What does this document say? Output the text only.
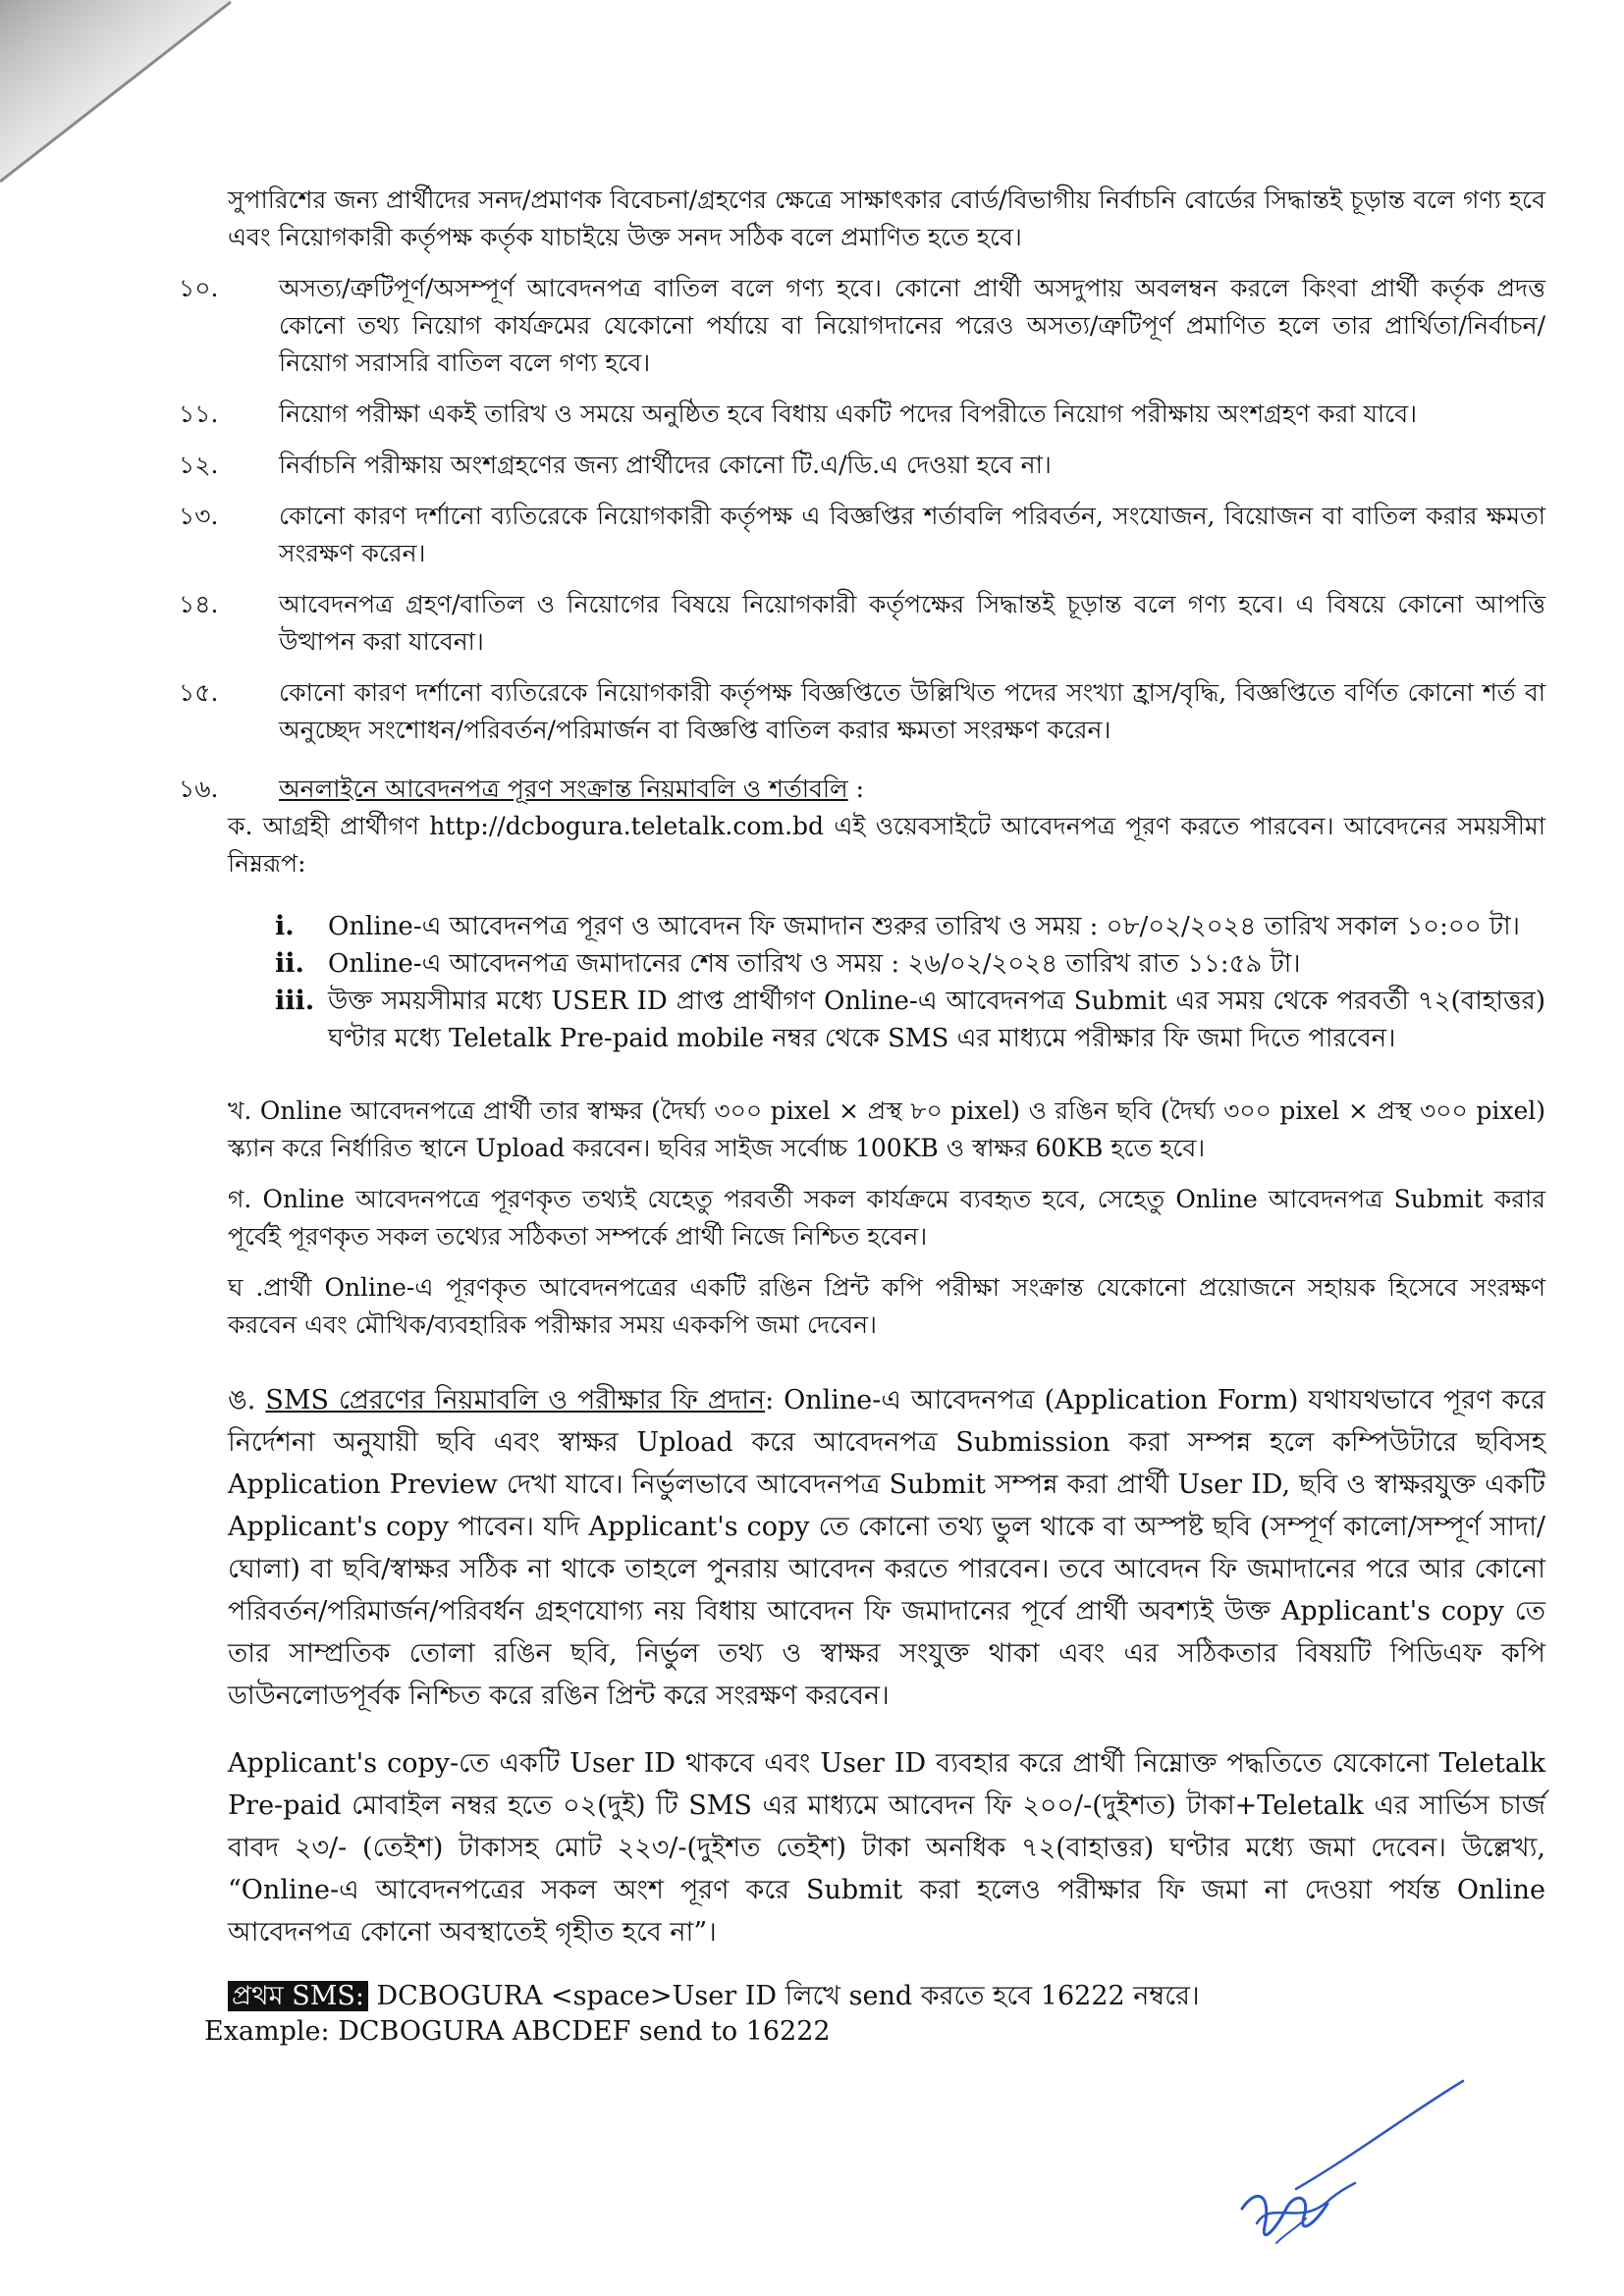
সুপারিশের জন্য প্রার্থীদের সনদ/প্রমাণক বিবেচনা/গ্রহণের ক্ষেত্রে সাক্ষাৎকার বোর্ড/বিভাগীয় নির্বাচনি বোর্ডের সিদ্ধান্তই চূড়ান্ত বলে গণ্য হবে এবং নিয়োগকারী কর্তৃপক্ষ কর্তৃক যাচাইয়ে উক্ত সনদ সঠিক বলে প্রমাণিত হতে হবে।

১০.	অসত্য/ত্রুটিপূর্ণ/অসম্পূর্ণ আবেদনপত্র বাতিল বলে গণ্য হবে। কোনো প্রার্থী অসদুপায় অবলম্বন করলে কিংবা প্রার্থী কর্তৃক প্রদত্ত কোনো তথ্য নিয়োগ কার্যক্রমের যেকোনো পর্যায়ে বা নিয়োগদানের পরেও অসত্য/ত্রুটিপূর্ণ প্রমাণিত হলে তার প্রার্থিতা/নির্বাচন/নিয়োগ সরাসরি বাতিল বলে গণ্য হবে।
১১.	নিয়োগ পরীক্ষা একই তারিখ ও সময়ে অনুষ্ঠিত হবে বিধায় একটি পদের বিপরীতে নিয়োগ পরীক্ষায় অংশগ্রহণ করা যাবে।
১২.	নির্বাচনি পরীক্ষায় অংশগ্রহণের জন্য প্রার্থীদের কোনো টি.এ/ডি.এ দেওয়া হবে না।
১৩.	কোনো কারণ দর্শানো ব্যতিরেকে নিয়োগকারী কর্তৃপক্ষ এ বিজ্ঞপ্তির শর্তাবলি পরিবর্তন, সংযোজন, বিয়োজন বা বাতিল করার ক্ষমতা সংরক্ষণ করেন।
১৪.	আবেদনপত্র গ্রহণ/বাতিল ও নিয়োগের বিষয়ে নিয়োগকারী কর্তৃপক্ষের সিদ্ধান্তই চূড়ান্ত বলে গণ্য হবে। এ বিষয়ে কোনো আপত্তি উত্থাপন করা যাবেনা।
১৫.	কোনো কারণ দর্শানো ব্যতিরেকে নিয়োগকারী কর্তৃপক্ষ বিজ্ঞপ্তিতে উল্লিখিত পদের সংখ্যা হ্রাস/বৃদ্ধি, বিজ্ঞপ্তিতে বর্ণিত কোনো শর্ত বা অনুচ্ছেদ সংশোধন/পরিবর্তন/পরিমার্জন বা বিজ্ঞপ্তি বাতিল করার ক্ষমতা সংরক্ষণ করেন।
১৬.	অনলাইনে আবেদনপত্র পূরণ সংক্রান্ত নিয়মাবলি ও শর্তাবলি :

ক. আগ্রহী প্রার্থীগণ http://dcbogura.teletalk.com.bd এই ওয়েবসাইটে আবেদনপত্র পূরণ করতে পারবেন। আবেদনের সময়সীমা নিম্নরূপ:

i.	Online-এ আবেদনপত্র পূরণ ও আবেদন ফি জমাদান শুরুর তারিখ ও সময় : ০৮/০২/২০২৪ তারিখ সকাল ১০:০০ টা।
ii. Online-এ আবেদনপত্র জমাদানের শেষ তারিখ ও সময় : ২৬/০২/২০২৪ তারিখ রাত ১১:৫৯ টা।
iii. উক্ত সময়সীমার মধ্যে USER ID প্রাপ্ত প্রার্থীগণ Online-এ আবেদনপত্র Submit এর সময় থেকে পরবর্তী ৭২(বাহাত্তর) ঘণ্টার মধ্যে Teletalk Pre-paid mobile নম্বর থেকে SMS এর মাধ্যমে পরীক্ষার ফি জমা দিতে পারবেন।

খ. Online আবেদনপত্রে প্রার্থী তার স্বাক্ষর (দৈর্ঘ্য ৩০০ pixel × প্রস্থ ৮০ pixel) ও রঙিন ছবি (দৈর্ঘ্য ৩০০ pixel × প্রস্থ ৩০০ pixel) স্ক্যান করে নির্ধারিত স্থানে Upload করবেন। ছবির সাইজ সর্বোচ্চ 100KB ও স্বাক্ষর 60KB হতে হবে।

গ. Online আবেদনপত্রে পূরণকৃত তথ্যই যেহেতু পরবর্তী সকল কার্যক্রমে ব্যবহৃত হবে, সেহেতু Online আবেদনপত্র Submit করার পূর্বেই পূরণকৃত সকল তথ্যের সঠিকতা সম্পর্কে প্রার্থী নিজে নিশ্চিত হবেন।

ঘ .প্রার্থী Online-এ পূরণকৃত আবেদনপত্রের একটি রঙিন প্রিন্ট কপি পরীক্ষা সংক্রান্ত যেকোনো প্রয়োজনে সহায়ক হিসেবে সংরক্ষণ করবেন এবং মৌখিক/ব্যবহারিক পরীক্ষার সময় এককপি জমা দেবেন।

ঙ. SMS প্রেরণের নিয়মাবলি ও পরীক্ষার ফি প্রদান: Online-এ আবেদনপত্র (Application Form) যথাযথভাবে পূরণ করে নির্দেশনা অনুযায়ী ছবি এবং স্বাক্ষর Upload করে আবেদনপত্র Submission করা সম্পন্ন হলে কম্পিউটারে ছবিসহ Application Preview দেখা যাবে। নির্ভুলভাবে আবেদনপত্র Submit সম্পন্ন করা প্রার্থী User ID, ছবি ও স্বাক্ষরযুক্ত একটি Applicant's copy পাবেন। যদি Applicant's copy তে কোনো তথ্য ভুল থাকে বা অস্পষ্ট ছবি (সম্পূর্ণ কালো/সম্পূর্ণ সাদা/ঘোলা) বা ছবি/স্বাক্ষর সঠিক না থাকে তাহলে পুনরায় আবেদন করতে পারবেন। তবে আবেদন ফি জমাদানের পরে আর কোনো পরিবর্তন/পরিমার্জন/পরিবর্ধন গ্রহণযোগ্য নয় বিধায় আবেদন ফি জমাদানের পূর্বে প্রার্থী অবশ্যই উক্ত Applicant's copy তে তার সাম্প্রতিক তোলা রঙিন ছবি, নির্ভুল তথ্য ও স্বাক্ষর সংযুক্ত থাকা এবং এর সঠিকতার বিষয়টি পিডিএফ কপি ডাউনলোডপূর্বক নিশ্চিত করে রঙিন প্রিন্ট করে সংরক্ষণ করবেন।

Applicant's copy-তে একটি User ID থাকবে এবং User ID ব্যবহার করে প্রার্থী নিম্নোক্ত পদ্ধতিতে যেকোনো Teletalk Pre-paid মোবাইল নম্বর হতে ০২(দুই) টি SMS এর মাধ্যমে আবেদন ফি ২০০/-(দুইশত) টাকা+Teletalk এর সার্ভিস চার্জ বাবদ ২৩/- (তেইশ) টাকাসহ মোট ২২৩/-(দুইশত তেইশ) টাকা অনধিক ৭২(বাহাত্তর) ঘণ্টার মধ্যে জমা দেবেন। উল্লেখ্য, “Online-এ আবেদনপত্রের সকল অংশ পূরণ করে Submit করা হলেও পরীক্ষার ফি জমা না দেওয়া পর্যন্ত Online আবেদনপত্র কোনো অবস্থাতেই গৃহীত হবে না”।

প্রথম SMS: DCBOGURA <space>User ID লিখে send করতে হবে 16222 নম্বরে।

Example: DCBOGURA ABCDEF send to 16222
